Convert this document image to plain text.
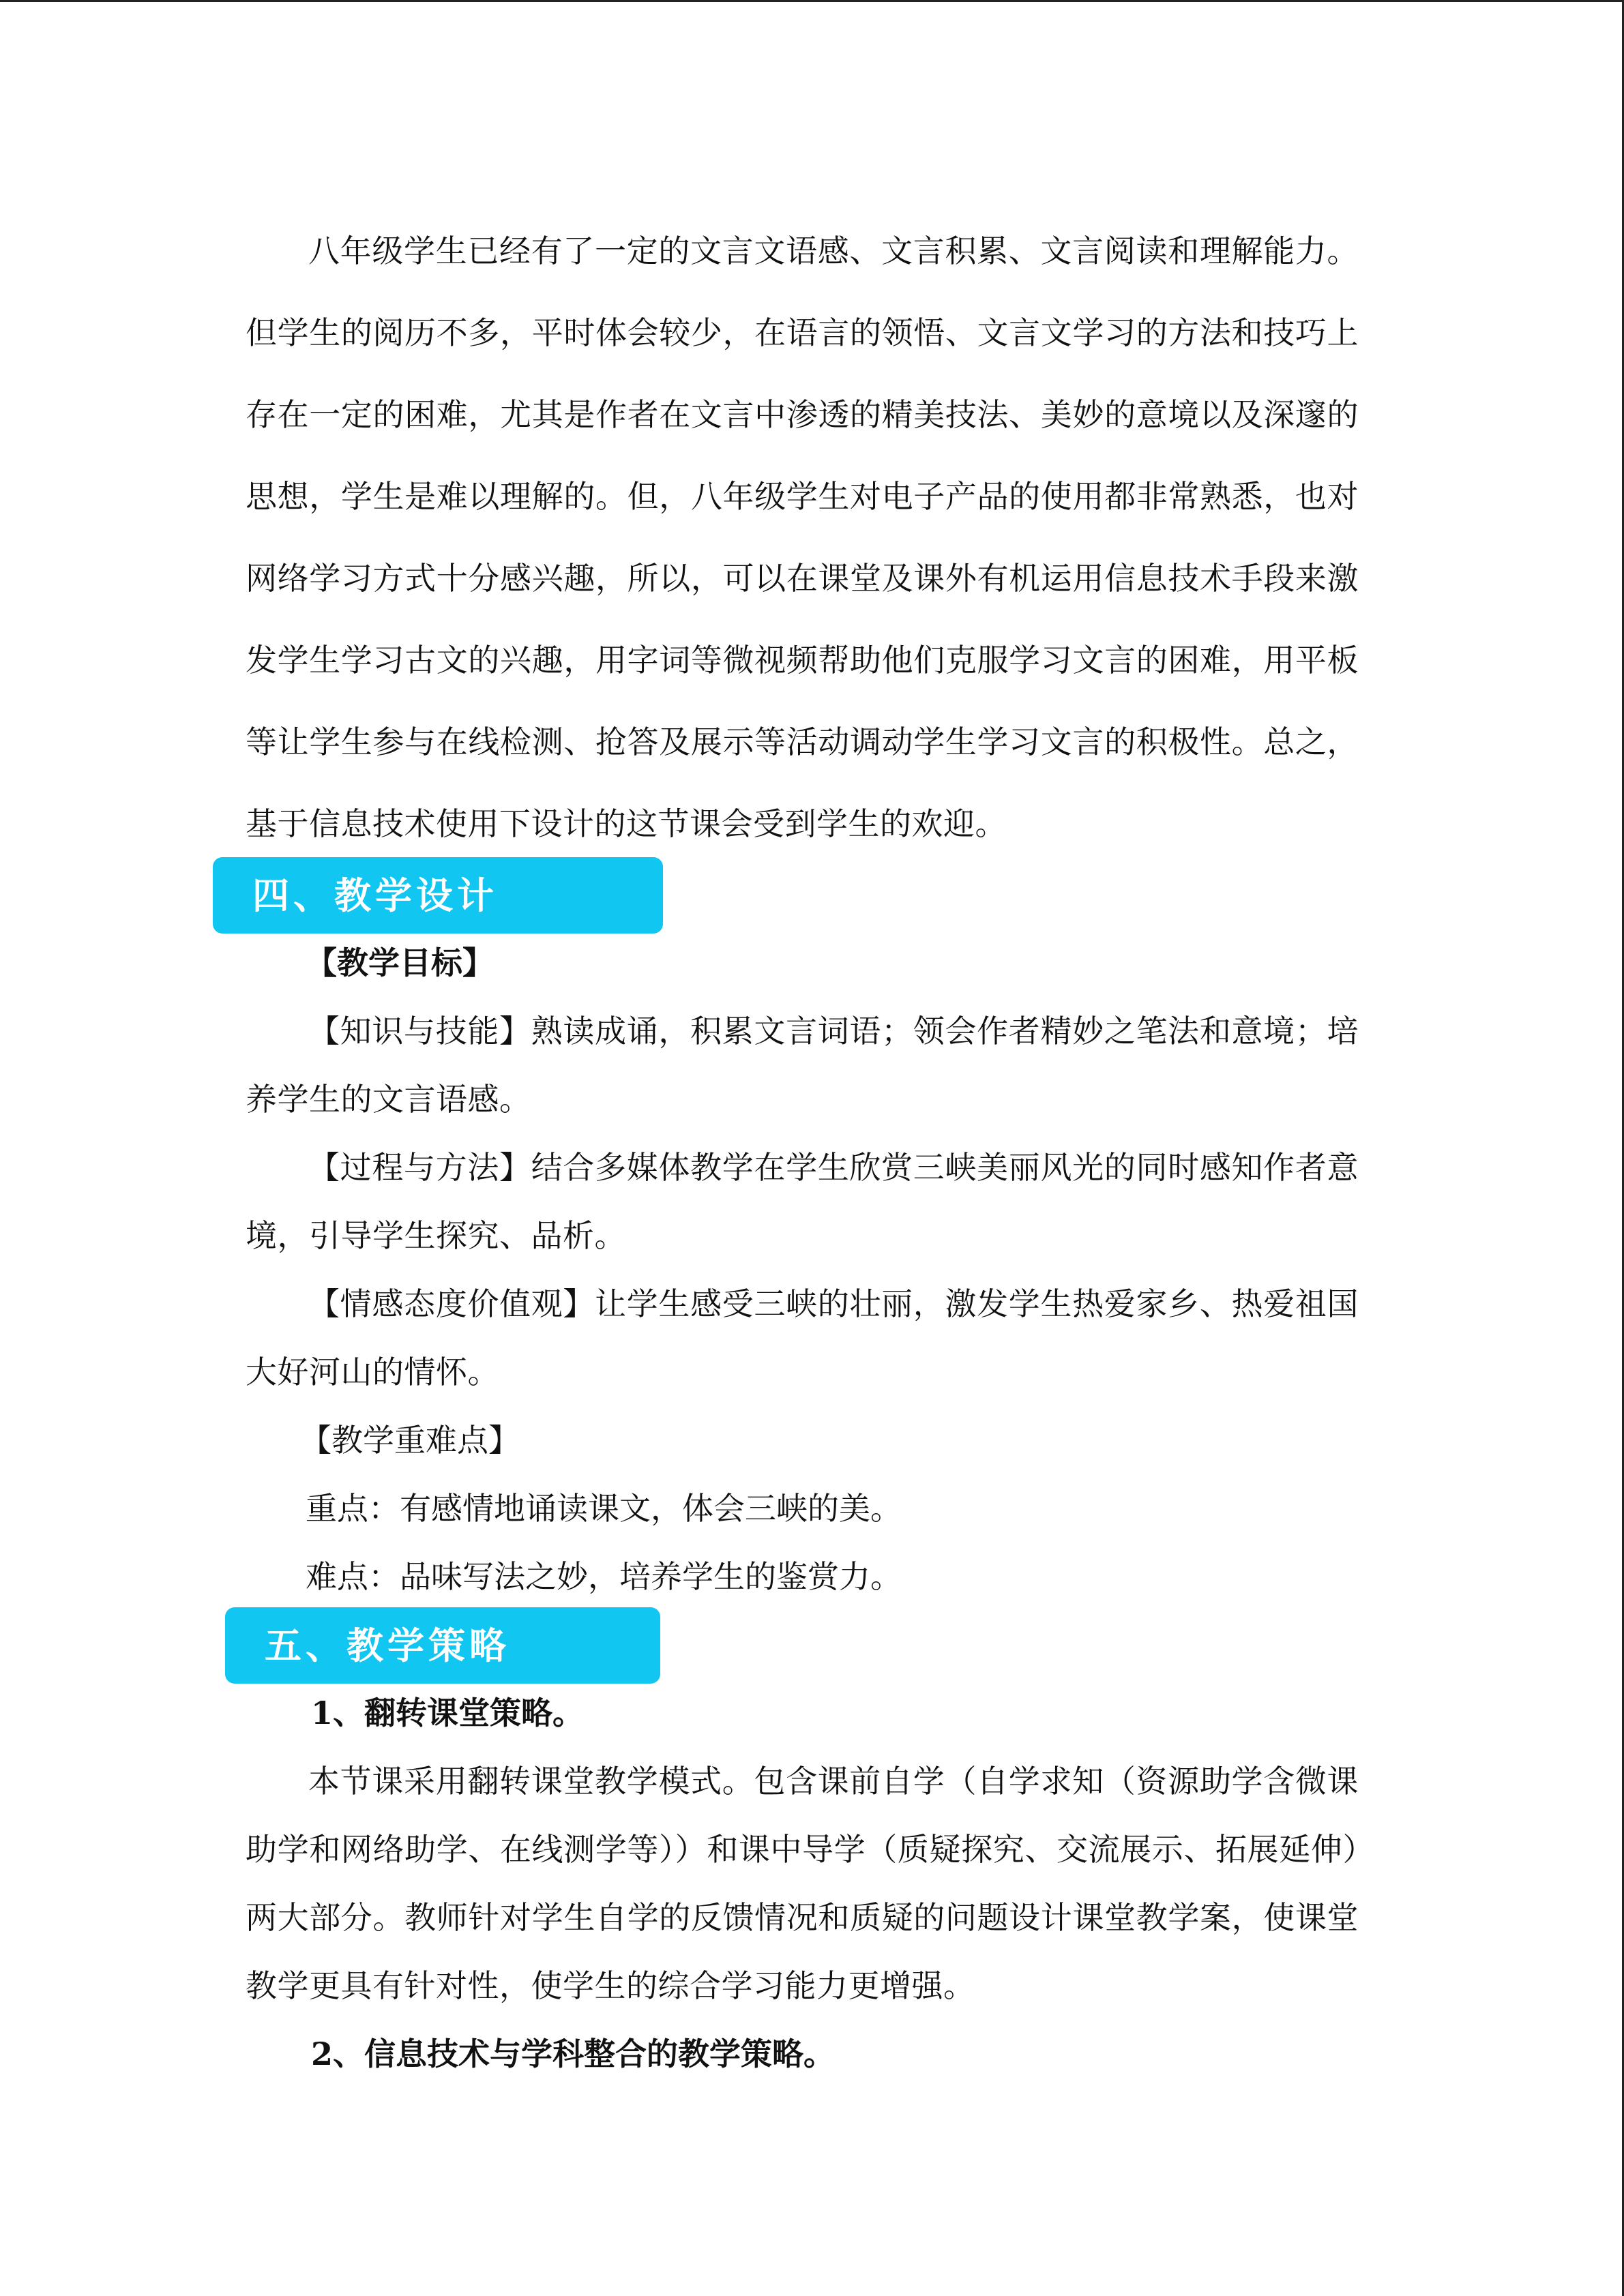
八年级学生已经有了一定的文言文语感、文言积累、文言阅读和理解能力。但学生的阅历不多，平时体会较少，在语言的领悟、文言文学习的方法和技巧上存在一定的困难，尤其是作者在文言中渗透的精美技法、美妙的意境以及深邃的思想，学生是难以理解的。但，八年级学生对电子产品的使用都非常熟悉，也对网络学习方式十分感兴趣，所以，可以在课堂及课外有机运用信息技术手段来激发学生学习古文的兴趣，用字词等微视频帮助他们克服学习文言的困难，用平板等让学生参与在线检测、抢答及展示等活动调动学生学习文言的积极性。总之，基于信息技术使用下设计的这节课会受到学生的欢迎。

四、教学设计

【教学目标】

【知识与技能】熟读成诵，积累文言词语；领会作者精妙之笔法和意境；培养学生的文言语感。

【过程与方法】结合多媒体教学在学生欣赏三峡美丽风光的同时感知作者意境，引导学生探究、品析。

【情感态度价值观】让学生感受三峡的壮丽，激发学生热爱家乡、热爱祖国大好河山的情怀。

【教学重难点】

重点：有感情地诵读课文，体会三峡的美。

难点：品味写法之妙，培养学生的鉴赏力。

五、教学策略

1、翻转课堂策略。

本节课采用翻转课堂教学模式。包含课前自学（自学求知（资源助学含微课助学和网络助学、在线测学等））和课中导学（质疑探究、交流展示、拓展延伸）两大部分。教师针对学生自学的反馈情况和质疑的问题设计课堂教学案，使课堂教学更具有针对性，使学生的综合学习能力更增强。

2、信息技术与学科整合的教学策略。
